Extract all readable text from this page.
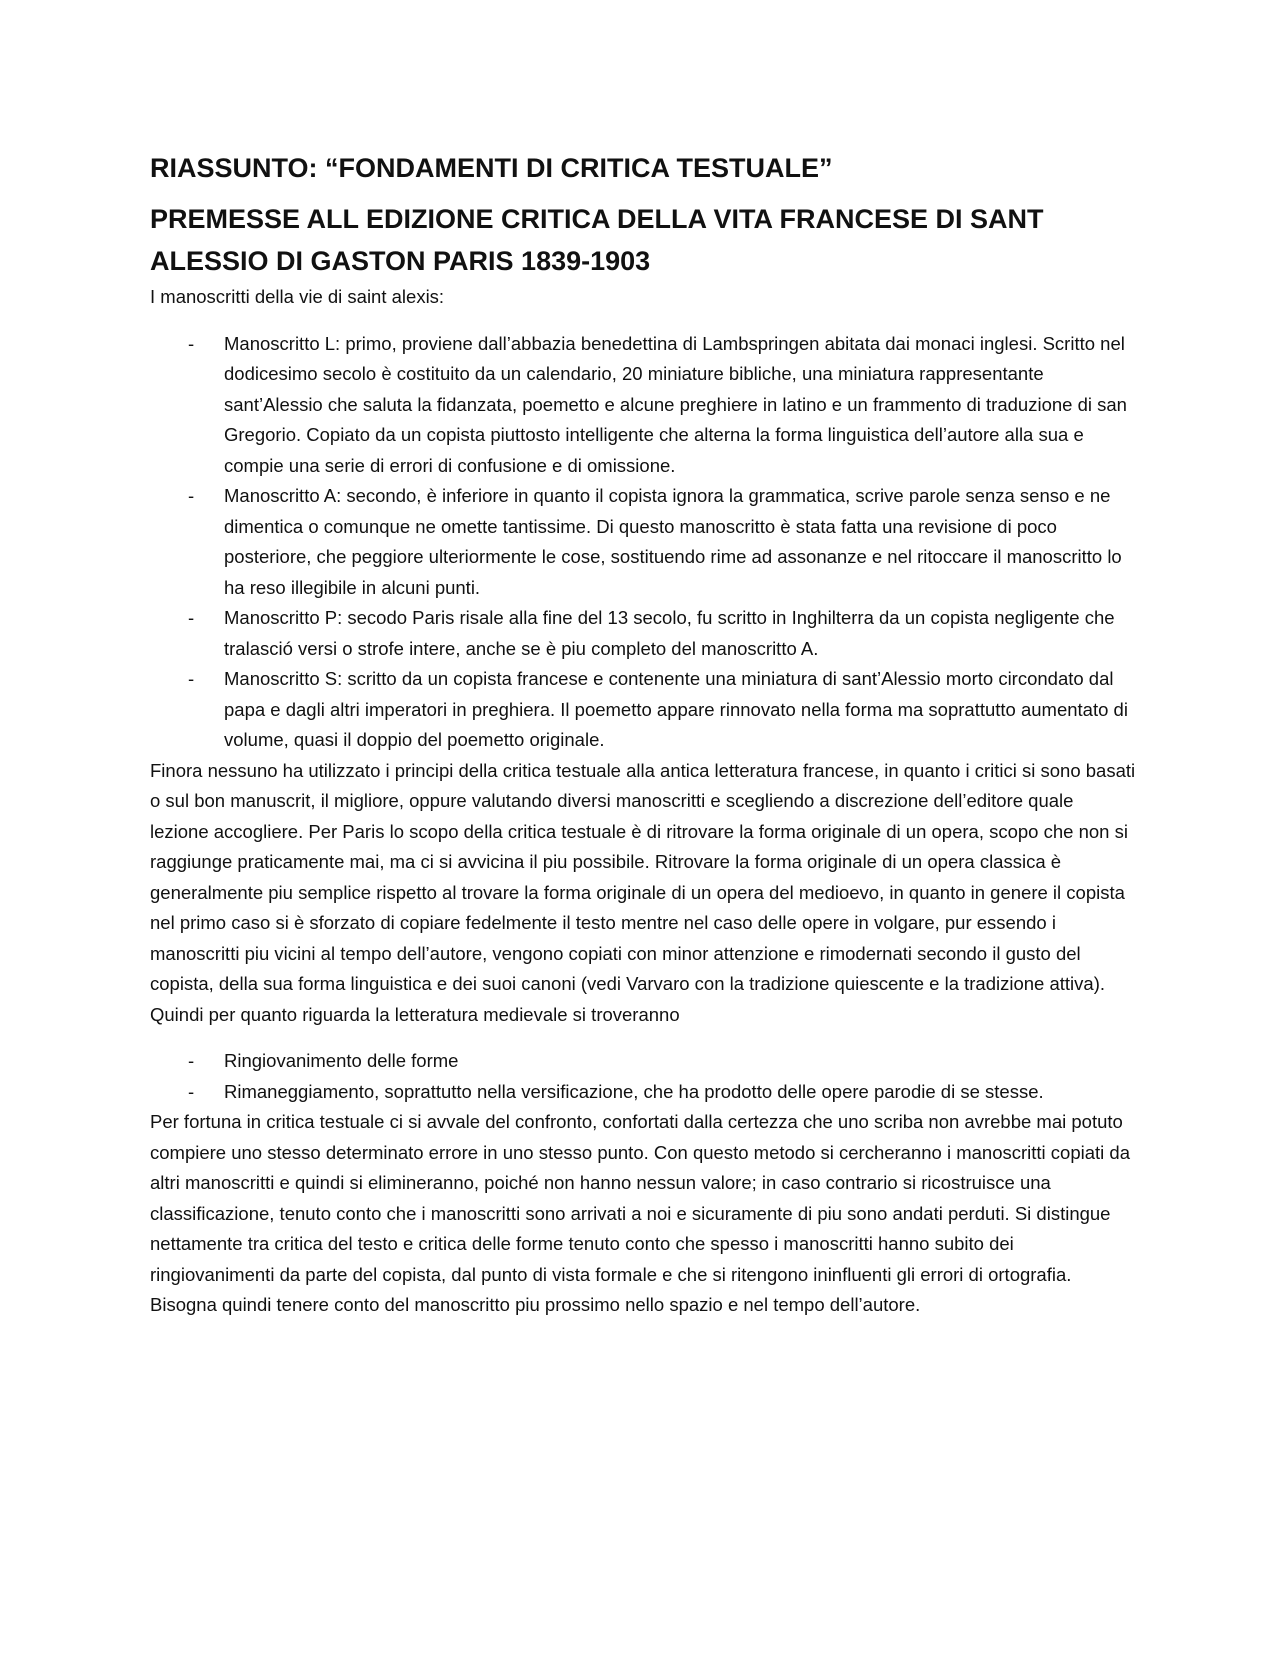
RIASSUNTO: “FONDAMENTI DI CRITICA TESTUALE”
PREMESSE ALL EDIZIONE CRITICA DELLA VITA FRANCESE DI SANT ALESSIO DI GASTON PARIS 1839-1903

I manoscritti della vie di saint alexis:

- Manoscritto L: primo, proviene dall’abbazia benedettina di Lambspringen abitata dai monaci inglesi. Scritto nel dodicesimo secolo è costituito da un calendario, 20 miniature bibliche, una miniatura rappresentante sant’Alessio che saluta la fidanzata, poemetto e alcune preghiere in latino e un frammento di traduzione di san Gregorio. Copiato da un copista piuttosto intelligente che alterna la forma linguistica dell’autore alla sua e compie una serie di errori di confusione e di omissione.
- Manoscritto A: secondo, è inferiore in quanto il copista ignora la grammatica, scrive parole senza senso e ne dimentica o comunque ne omette tantissime. Di questo manoscritto è stata fatta una revisione di poco posteriore, che peggiore ulteriormente le cose, sostituendo rime ad assonanze e nel ritoccare il manoscritto lo ha reso illegibile in alcuni punti.
- Manoscritto P: secodo Paris risale alla fine del 13 secolo, fu scritto in Inghilterra da un copista negligente che tralasció versi o strofe intere, anche se è piu completo del manoscritto A.
- Manoscritto S: scritto da un copista francese e contenente una miniatura di sant’Alessio morto circondato dal papa e dagli altri imperatori in preghiera. Il poemetto appare rinnovato nella forma ma soprattutto aumentato di volume, quasi il doppio del poemetto originale.

Finora nessuno ha utilizzato i principi della critica testuale alla antica letteratura francese, in quanto i critici si sono basati o sul bon manuscrit, il migliore, oppure valutando diversi manoscritti e scegliendo a discrezione dell’editore quale lezione accogliere. Per Paris lo scopo della critica testuale è di ritrovare la forma originale di un opera, scopo che non si raggiunge praticamente mai, ma ci si avvicina il piu possibile. Ritrovare la forma originale di un opera classica è generalmente piu semplice rispetto al trovare la forma originale di un opera del medioevo, in quanto in genere il copista nel primo caso si è sforzato di copiare fedelmente il testo mentre nel caso delle opere in volgare, pur essendo i manoscritti piu vicini al tempo dell’autore, vengono copiati con minor attenzione e rimodernati secondo il gusto del copista, della sua forma linguistica e dei suoi canoni (vedi Varvaro con la tradizione quiescente e la tradizione attiva). Quindi per quanto riguarda la letteratura medievale si troveranno

- Ringiovanimento delle forme
- Rimaneggiamento, soprattutto nella versificazione, che ha prodotto delle opere parodie di se stesse.

Per fortuna in critica testuale ci si avvale del confronto, confortati dalla certezza che uno scriba non avrebbe mai potuto compiere uno stesso determinato errore in uno stesso punto. Con questo metodo si cercheranno i manoscritti copiati da altri manoscritti e quindi si elimineranno, poiché non hanno nessun valore; in caso contrario si ricostruisce una classificazione, tenuto conto che i manoscritti sono arrivati a noi e sicuramente di piu sono andati perduti. Si distingue nettamente tra critica del testo e critica delle forme tenuto conto che spesso i manoscritti hanno subito dei ringiovanimenti da parte del copista, dal punto di vista formale e che si ritengono ininfluenti gli errori di ortografia. Bisogna quindi tenere conto del manoscritto piu prossimo nello spazio e nel tempo dell’autore.
